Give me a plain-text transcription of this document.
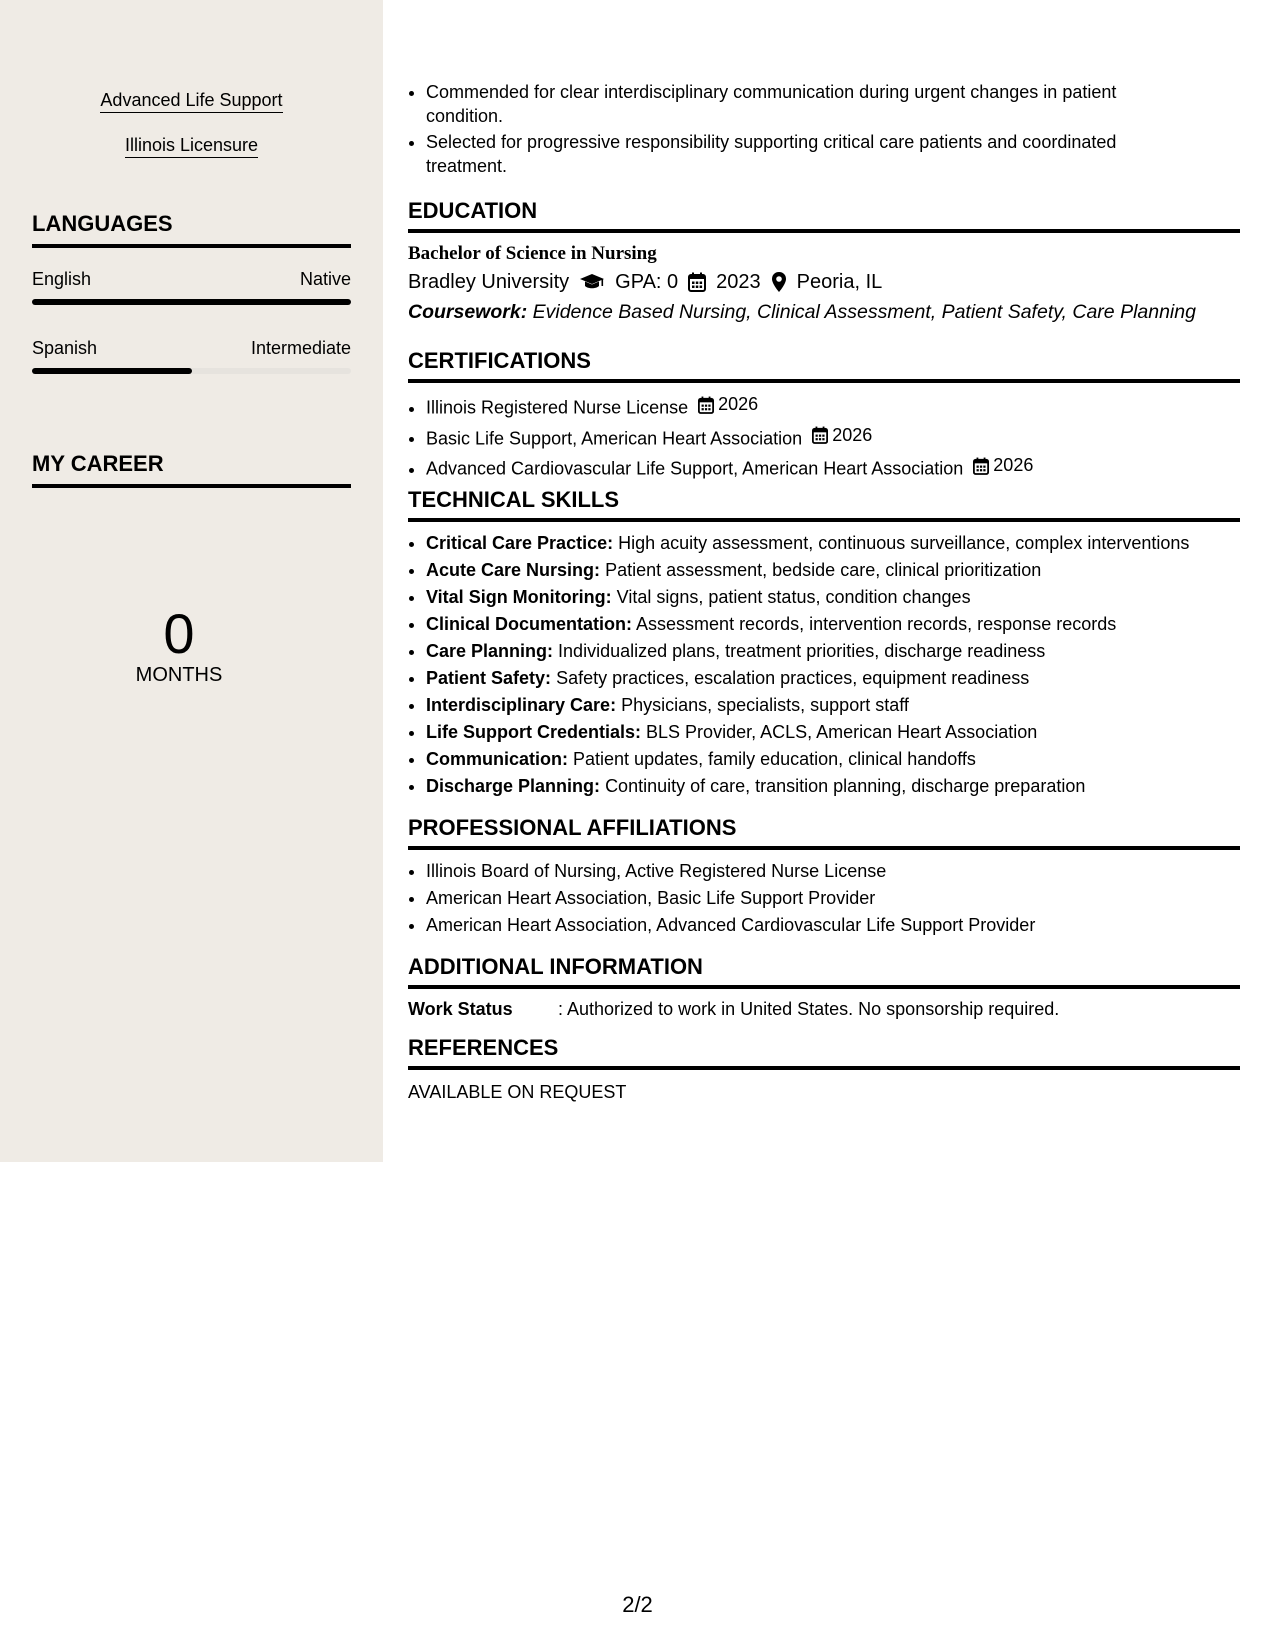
Advanced Life Support
Illinois Licensure
LANGUAGES
English	Native
Spanish	Intermediate
MY CAREER
0
MONTHS
• Commended for clear interdisciplinary communication during urgent changes in patient condition.
• Selected for progressive responsibility supporting critical care patients and coordinated treatment.
EDUCATION
Bachelor of Science in Nursing
Bradley University GPA: 0 2023 Peoria, IL
Coursework: Evidence Based Nursing, Clinical Assessment, Patient Safety, Care Planning
CERTIFICATIONS
• Illinois Registered Nurse License 2026
• Basic Life Support, American Heart Association 2026
• Advanced Cardiovascular Life Support, American Heart Association 2026
TECHNICAL SKILLS
• Critical Care Practice: High acuity assessment, continuous surveillance, complex interventions
• Acute Care Nursing: Patient assessment, bedside care, clinical prioritization
• Vital Sign Monitoring: Vital signs, patient status, condition changes
• Clinical Documentation: Assessment records, intervention records, response records
• Care Planning: Individualized plans, treatment priorities, discharge readiness
• Patient Safety: Safety practices, escalation practices, equipment readiness
• Interdisciplinary Care: Physicians, specialists, support staff
• Life Support Credentials: BLS Provider, ACLS, American Heart Association
• Communication: Patient updates, family education, clinical handoffs
• Discharge Planning: Continuity of care, transition planning, discharge preparation
PROFESSIONAL AFFILIATIONS
• Illinois Board of Nursing, Active Registered Nurse License
• American Heart Association, Basic Life Support Provider
• American Heart Association, Advanced Cardiovascular Life Support Provider
ADDITIONAL INFORMATION
Work Status	: Authorized to work in United States. No sponsorship required.
REFERENCES
AVAILABLE ON REQUEST
2/2
